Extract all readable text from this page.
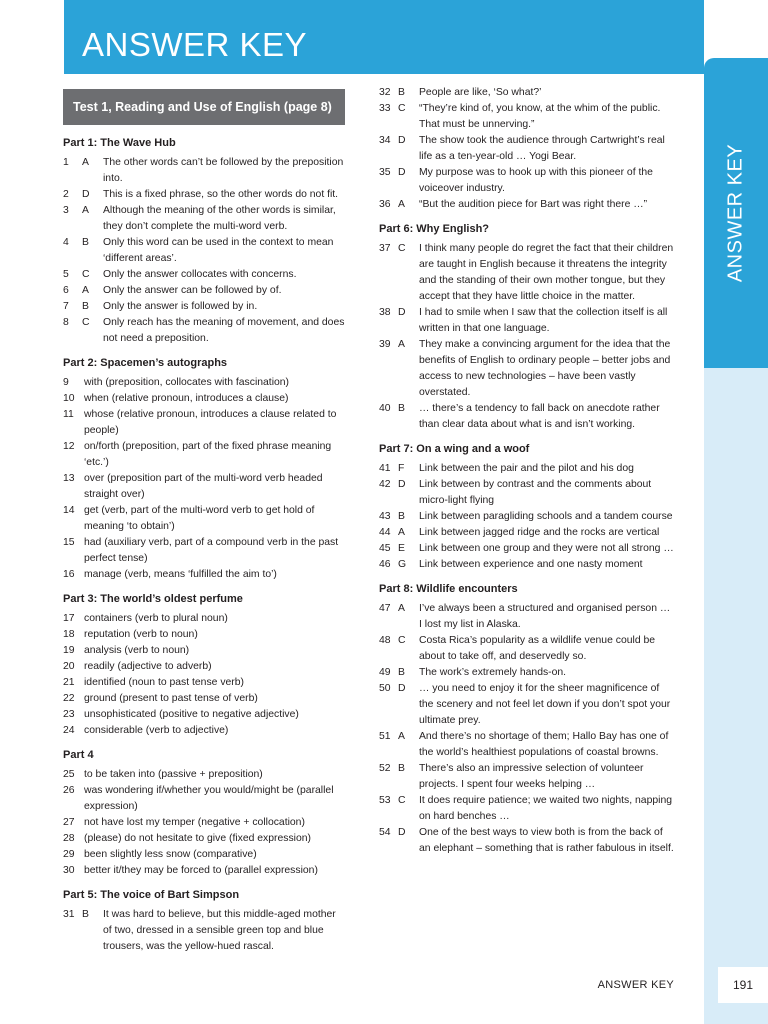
ANSWER KEY
ANSWER KEY
Test 1, Reading and Use of English (page 8)
Part 1: The Wave Hub
1	A	The other words can’t be followed by the preposition into.
2	D	This is a fixed phrase, so the other words do not fit.
3	A	Although the meaning of the other words is similar, they don’t complete the multi-word verb.
4	B	Only this word can be used in the context to mean ‘different areas’.
5	C	Only the answer collocates with concerns.
6	A	Only the answer can be followed by of.
7	B	Only the answer is followed by in.
8	C	Only reach has the meaning of movement, and does not need a preposition.
Part 2: Spacemen’s autographs
9	with (preposition, collocates with fascination)
10 when (relative pronoun, introduces a clause)
11 whose (relative pronoun, introduces a clause related to people)
12 on/forth (preposition, part of the fixed phrase meaning ‘etc.’)
13 over (preposition part of the multi-word verb headed straight over)
14 get (verb, part of the multi-word verb to get hold of meaning ‘to obtain’)
15 had (auxiliary verb, part of a compound verb in the past perfect tense)
16 manage (verb, means ‘fulfilled the aim to’)
Part 3: The world’s oldest perfume
17 containers (verb to plural noun)
18 reputation (verb to noun)
19 analysis (verb to noun)
20 readily (adjective to adverb)
21 identified (noun to past tense verb)
22 ground (present to past tense of verb)
23 unsophisticated (positive to negative adjective)
24 considerable (verb to adjective)
Part 4
25 to be taken into (passive + preposition)
26 was wondering if/whether you would/might be (parallel expression)
27 not have lost my temper (negative + collocation)
28 (please) do not hesitate to give (fixed expression)
29 been slightly less snow (comparative)
30 better it/they may be forced to (parallel expression)
Part 5: The voice of Bart Simpson
31 B	It was hard to believe, but this middle-aged mother of two, dressed in a sensible green top and blue trousers, was the yellow-hued rascal.
32 B	People are like, ‘So what?’
33 C	“They’re kind of, you know, at the whim of the public. That must be unnerving.”
34 D	The show took the audience through Cartwright’s real life as a ten-year-old … Yogi Bear.
35 D	My purpose was to hook up with this pioneer of the voiceover industry.
36 A	“But the audition piece for Bart was right there …”
Part 6: Why English?
37 C	I think many people do regret the fact that their children are taught in English because it threatens the integrity and the standing of their own mother tongue, but they accept that they have little choice in the matter.
38 D	I had to smile when I saw that the collection itself is all written in that one language.
39 A	They make a convincing argument for the idea that the benefits of English to ordinary people – better jobs and access to new technologies – have been vastly overstated.
40 B	… there’s a tendency to fall back on anecdote rather than clear data about what is and isn’t working.
Part 7: On a wing and a woof
41 F	Link between the pair and the pilot and his dog
42 D	Link between by contrast and the comments about micro-light flying
43 B	Link between paragliding schools and a tandem course
44 A	Link between jagged ridge and the rocks are vertical
45 E	Link between one group and they were not all strong …
46 G	Link between experience and one nasty moment
Part 8: Wildlife encounters
47 A	I’ve always been a structured and organised person … I lost my list in Alaska.
48 C	Costa Rica’s popularity as a wildlife venue could be about to take off, and deservedly so.
49 B	The work’s extremely hands-on.
50 D	… you need to enjoy it for the sheer magnificence of the scenery and not feel let down if you don’t spot your ultimate prey.
51 A	And there’s no shortage of them; Hallo Bay has one of the world’s healthiest populations of coastal browns.
52 B	There’s also an impressive selection of volunteer projects. I spent four weeks helping …
53 C	It does require patience; we waited two nights, napping on hard benches …
54 D	One of the best ways to view both is from the back of an elephant – something that is rather fabulous in itself.
ANSWER KEY	191
